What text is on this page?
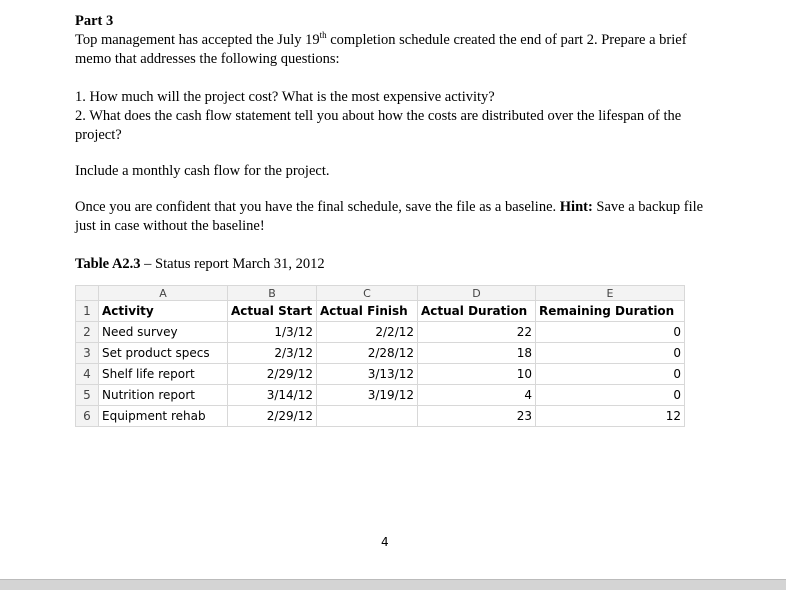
Part 3
Top management has accepted the July 19th completion schedule created the end of part 2. Prepare a brief memo that addresses the following questions:
1. How much will the project cost? What is the most expensive activity?
2. What does the cash flow statement tell you about how the costs are distributed over the lifespan of the project?
Include a monthly cash flow for the project.
Once you are confident that you have the final schedule, save the file as a baseline. Hint: Save a backup file just in case without the baseline!
Table A2.3 – Status report March 31, 2012
	A	B	C	D	E
1	Activity	Actual Start	Actual Finish	Actual Duration	Remaining Duration
2	Need survey	1/3/12	2/2/12	22	0
3	Set product specs	2/3/12	2/28/12	18	0
4	Shelf life report	2/29/12	3/13/12	10	0
5	Nutrition report	3/14/12	3/19/12	4	0
6	Equipment rehab	2/29/12		23	12
4
